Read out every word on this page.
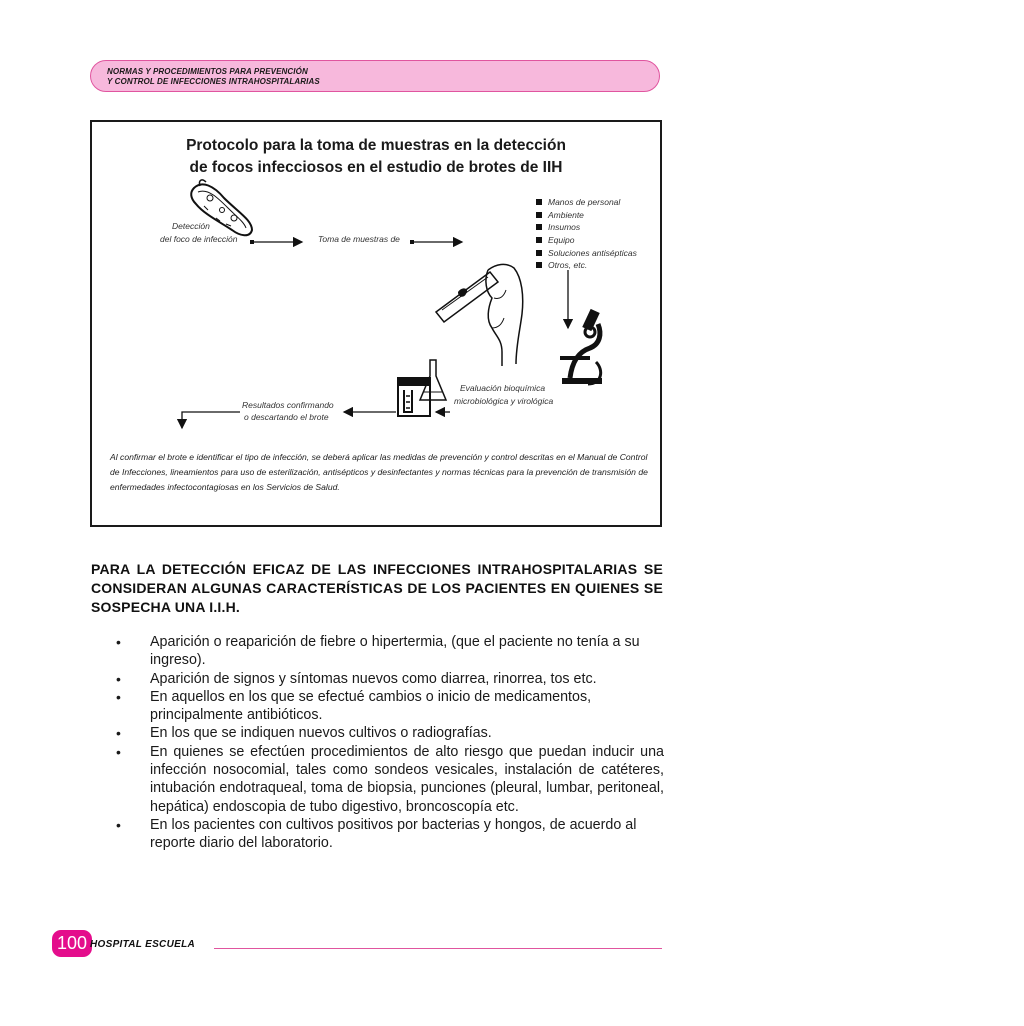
NORMAS Y PROCEDIMIENTOS PARA PREVENCIÓN
Y CONTROL DE INFECCIONES INTRAHOSPITALARIAS
Protocolo para la toma de muestras en la detección
de focos infecciosos en el estudio de brotes de IIH
Detección
del foco de infección	Toma de muestras de
Manos de personal
Ambiente
Insumos
Equipo
Soluciones antisépticas
Otros, etc.
Evaluación bioquímica
microbiológica y virológica
Resultados confirmando
o descartando el brote
Al confirmar el brote e identificar el tipo de infección, se deberá aplicar las medidas de prevención y control descritas en el Manual de Control de Infecciones, lineamientos para uso de esterilización, antisépticos y desinfectantes y normas técnicas para la prevención de transmisión de enfermedades infectocontagiosas en los Servicios de Salud.
PARA LA DETECCIÓN EFICAZ DE LAS INFECCIONES INTRAHOSPITALARIAS SE CONSIDERAN ALGUNAS CARACTERÍSTICAS DE LOS PACIENTES EN QUIENES SE SOSPECHA UNA I.I.H.
• Aparición o reaparición de fiebre o hipertermia, (que el paciente no tenía a su ingreso).
• Aparición de signos y síntomas nuevos como diarrea, rinorrea, tos etc.
• En aquellos en los que se efectué cambios o inicio de medicamentos, principalmente antibióticos.
• En los que se indiquen nuevos cultivos o radiografías.
• En quienes se efectúen procedimientos de alto riesgo que puedan inducir una infección nosocomial, tales como sondeos vesicales, instalación de catéteres, intubación endotraqueal, toma de biopsia, punciones (pleural, lumbar, peritoneal, hepática) endoscopia de tubo digestivo, broncoscopía etc.
• En los pacientes con cultivos positivos por bacterias y hongos, de acuerdo al reporte diario del laboratorio.
100 HOSPITAL ESCUELA
